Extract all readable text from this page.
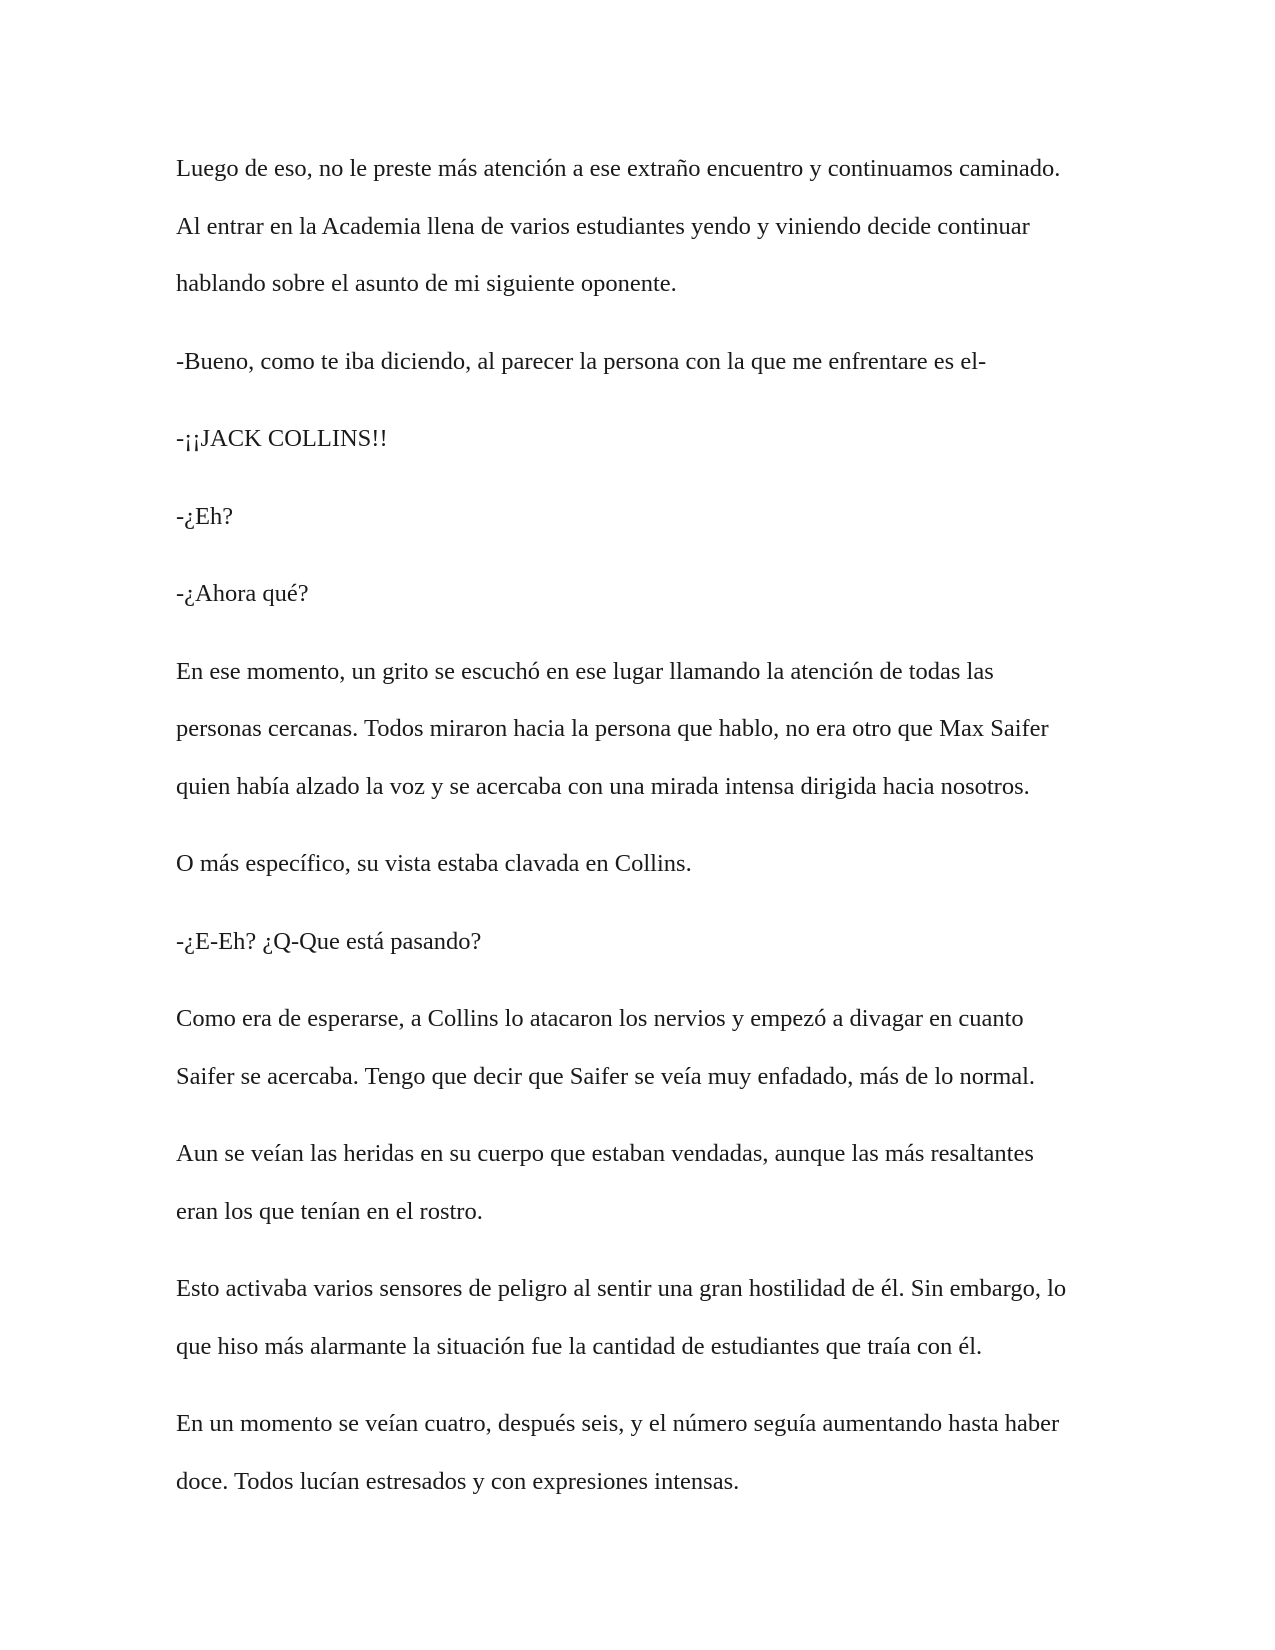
Luego de eso, no le preste más atención a ese extraño encuentro y continuamos caminado.
Al entrar en la Academia llena de varios estudiantes yendo y viniendo decide continuar
hablando sobre el asunto de mi siguiente oponente.

-Bueno, como te iba diciendo, al parecer la persona con la que me enfrentare es el-

-¡¡JACK COLLINS!!

-¿Eh?

-¿Ahora qué?

En ese momento, un grito se escuchó en ese lugar llamando la atención de todas las
personas cercanas. Todos miraron hacia la persona que hablo, no era otro que Max Saifer
quien había alzado la voz y se acercaba con una mirada intensa dirigida hacia nosotros.

O más específico, su vista estaba clavada en Collins.

-¿E-Eh? ¿Q-Que está pasando?

Como era de esperarse, a Collins lo atacaron los nervios y empezó a divagar en cuanto
Saifer se acercaba. Tengo que decir que Saifer se veía muy enfadado, más de lo normal.

Aun se veían las heridas en su cuerpo que estaban vendadas, aunque las más resaltantes
eran los que tenían en el rostro.

Esto activaba varios sensores de peligro al sentir una gran hostilidad de él. Sin embargo, lo
que hiso más alarmante la situación fue la cantidad de estudiantes que traía con él.

En un momento se veían cuatro, después seis, y el número seguía aumentando hasta haber
doce. Todos lucían estresados y con expresiones intensas.
